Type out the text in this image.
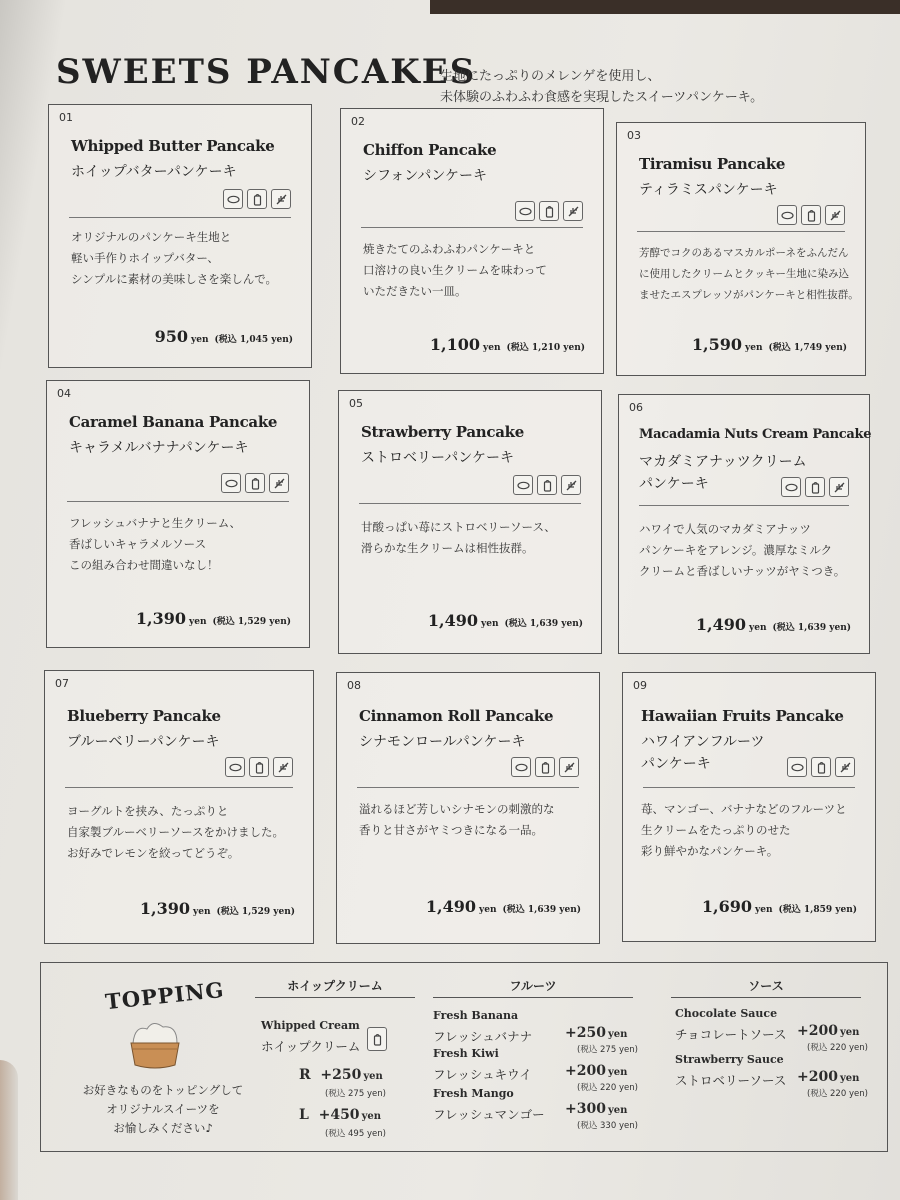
SWEETS PANCAKES
生地にたっぷりのメレンゲを使用し、
未体験のふわふわ食感を実現したスイーツパンケーキ。
01
Whipped Butter Pancake
ホイップバターパンケーキ
オリジナルのパンケーキ生地と
軽い手作りホイップバター、
シンプルに素材の美味しさを楽しんで。
950 yen (税込 1,045 yen)
02
Chiffon Pancake
シフォンパンケーキ
焼きたてのふわふわパンケーキと
口溶けの良い生クリームを味わって
いただきたい一皿。
1,100 yen (税込 1,210 yen)
03
Tiramisu Pancake
ティラミスパンケーキ
芳醇でコクのあるマスカルポーネをふんだん
に使用したクリームとクッキー生地に染み込
ませたエスプレッソがパンケーキと相性抜群。
1,590 yen (税込 1,749 yen)
04
Caramel Banana Pancake
キャラメルバナナパンケーキ
フレッシュバナナと生クリーム、
香ばしいキャラメルソース
この組み合わせ間違いなし！
1,390 yen (税込 1,529 yen)
05
Strawberry Pancake
ストロベリーパンケーキ
甘酸っぱい苺にストロベリーソース、
滑らかな生クリームは相性抜群。
1,490 yen (税込 1,639 yen)
06
Macadamia Nuts Cream Pancake
マカダミアナッツクリーム
パンケーキ
ハワイで人気のマカダミアナッツ
パンケーキをアレンジ。濃厚なミルク
クリームと香ばしいナッツがヤミつき。
1,490 yen (税込 1,639 yen)
07
Blueberry Pancake
ブルーベリーパンケーキ
ヨーグルトを挟み、たっぷりと
自家製ブルーベリーソースをかけました。
お好みでレモンを絞ってどうぞ。
1,390 yen (税込 1,529 yen)
08
Cinnamon Roll Pancake
シナモンロールパンケーキ
溢れるほど芳しいシナモンの刺激的な
香りと甘さがヤミつきになる一品。
1,490 yen (税込 1,639 yen)
09
Hawaiian Fruits Pancake
ハワイアンフルーツ
パンケーキ
苺、マンゴー、バナナなどのフルーツと
生クリームをたっぷりのせた
彩り鮮やかなパンケーキ。
1,690 yen (税込 1,859 yen)
TOPPING
お好きなものをトッピングして
オリジナルスイーツを
お愉しみください♪
ホイップクリーム
Whipped Cream
ホイップクリーム
R +250 yen
(税込 275 yen)
L +450 yen
(税込 495 yen)
フルーツ
Fresh Banana
フレッシュバナナ +250 yen
(税込 275 yen)
Fresh Kiwi
フレッシュキウイ +200 yen
(税込 220 yen)
Fresh Mango
フレッシュマンゴー +300 yen
(税込 330 yen)
ソース
Chocolate Sauce
チョコレートソース +200 yen
(税込 220 yen)
Strawberry Sauce
ストロベリーソース +200 yen
(税込 220 yen)
